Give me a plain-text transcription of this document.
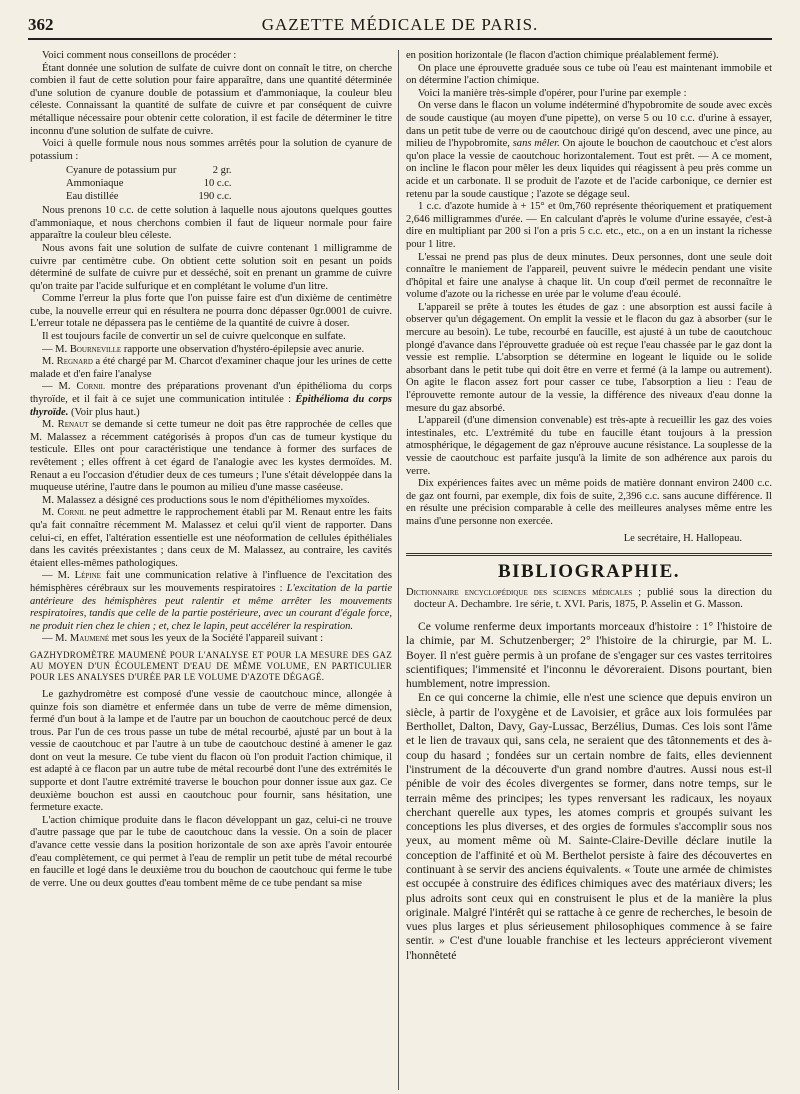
362	GAZETTE MÉDICALE DE PARIS.

Voici comment nous conseillons de procéder :

Étant donnée une solution de sulfate de cuivre dont on connaît le titre, on cherche combien il faut de cette solution pour faire apparaître, dans une quantité déterminée d'une solution de cyanure double de potassium et d'ammoniaque, la couleur bleu céleste. Connaissant la quantité de sulfate de cuivre et par conséquent de cuivre métallique nécessaire pour obtenir cette coloration, il est facile de déterminer le titre inconnu d'une solution de sulfate de cuivre.

Voici à quelle formule nous nous sommes arrêtés pour la solution de cyanure de potassium :

Cyanure de potassium pur	2 gr.
Ammoniaque	10 c.c.
Eau distillée	190 c.c.

Nous prenons 10 c.c. de cette solution à laquelle nous ajoutons quelques gouttes d'ammoniaque, et nous cherchons combien il faut de liqueur normale pour faire apparaître la couleur bleu céleste.

Nous avons fait une solution de sulfate de cuivre contenant 1 milligramme de cuivre par centimètre cube. On obtient cette solution soit en pesant un poids déterminé de sulfate de cuivre pur et desséché, soit en prenant un gramme de cuivre qu'on traite par l'acide sulfurique et en complétant le volume d'un litre.

Comme l'erreur la plus forte que l'on puisse faire est d'un dixième de centimètre cube, la nouvelle erreur qui en résultera ne pourra donc dépasser 0gr.0001 de cuivre. L'erreur totale ne dépassera pas le centième de la quantité de cuivre à doser.

Il est toujours facile de convertir un sel de cuivre quelconque en sulfate.

— M. Bourneville rapporte une observation d'hystéro-épilepsie avec anurie.

M. Regnard a été chargé par M. Charcot d'examiner chaque jour les urines de cette malade et d'en faire l'analyse

— M. Cornil montre des préparations provenant d'un épithélioma du corps thyroïde, et il fait à ce sujet une communication intitulée : Épithélioma du corps thyroïde. (Voir plus haut.)

M. Renaut se demande si cette tumeur ne doit pas être rapprochée de celles que M. Malassez a récemment catégorisés à propos d'un cas de tumeur kystique du testicule. Elles ont pour caractéristique une tendance à former des surfaces de revêtement ; elles offrent à cet égard de l'analogie avec les kystes dermoïdes. M. Renaut a eu l'occasion d'étudier deux de ces tumeurs ; l'une s'était développée dans la muqueuse utérine, l'autre dans le poumon au milieu d'une masse caséeuse.

M. Malassez a désigné ces productions sous le nom d'épithéliomes myxoïdes.

M. Cornil ne peut admettre le rapprochement établi par M. Renaut entre les faits qu'a fait connaître récemment M. Malassez et celui qu'il vient de rapporter. Dans celui-ci, en effet, l'altération essentielle est une néoformation de cellules épithéliales dans les cavités préexistantes ; dans ceux de M. Malassez, au contraire, les cavités étaient elles-mêmes pathologiques.

— M. Lépine fait une communication relative à l'influence de l'excitation des hémisphères cérébraux sur les mouvements respiratoires : L'excitation de la partie antérieure des hémisphères peut ralentir et même arrêter les mouvements respiratoires, tandis que celle de la partie postérieure, avec un courant d'égale force, ne produit rien chez le chien ; et, chez le lapin, peut accélérer la respiration.

— M. Maumené met sous les yeux de la Société l'appareil suivant :

GAZHYDROMÈTRE MAUMENÉ POUR L'ANALYSE ET POUR LA MESURE DES GAZ AU MOYEN D'UN ÉCOULEMENT D'EAU DE MÊME VOLUME, EN PARTICULIER POUR LES ANALYSES D'URÉE PAR LE VOLUME D'AZOTE DÉGAGÉ.

Le gazhydromètre est composé d'une vessie de caoutchouc mince, allongée à quinze fois son diamètre et enfermée dans un tube de verre de même dimension, fermé d'un bout à la lampe et de l'autre par un bouchon de caoutchouc percé de deux trous. Par l'un de ces trous passe un tube de métal recourbé, ajusté par un bout à la vessie de caoutchouc et par l'autre à un tube de caoutchouc destiné à amener le gaz dont on veut la mesure. Ce tube vient du flacon où l'on produit l'action chimique, il est adapté à ce flacon par un autre tube de métal recourbé dont l'une des extrémités le supporte et dont l'autre extrémité traverse le bouchon pour donner issue aux gaz. Ce deuxième bouchon est aussi en caoutchouc pour fournir, sans hésitation, une fermeture exacte.

L'action chimique produite dans le flacon développant un gaz, celui-ci ne trouve d'autre passage que par le tube de caoutchouc dans la vessie. On a soin de placer d'avance cette vessie dans la position horizontale de son axe après l'avoir entourée d'eau complètement, ce qui permet à l'eau de remplir un petit tube de métal recourbé en faucille et logé dans le deuxième trou du bouchon de caoutchouc qui ferme le tube de verre. Une ou deux gouttes d'eau tombent même de ce tube pendant sa mise

en position horizontale (le flacon d'action chimique préalablement fermé).

On place une éprouvette graduée sous ce tube où l'eau est maintenant immobile et on détermine l'action chimique.

Voici la manière très-simple d'opérer, pour l'urine par exemple :

On verse dans le flacon un volume indéterminé d'hypobromite de soude avec excès de soude caustique (au moyen d'une pipette), on verse 5 ou 10 c.c. d'urine à essayer, dans un petit tube de verre ou de caoutchouc dirigé qu'on descend, avec une pince, au milieu de l'hypobromite, sans mêler. On ajoute le bouchon de caoutchouc et c'est alors qu'on place la vessie de caoutchouc horizontalement. Tout est prêt. — A ce moment, on incline le flacon pour mêler les deux liquides qui réagissent à peu près comme un acide et un carbonate. Il se produit de l'azote et de l'acide carbonique, ce dernier est retenu par la soude caustique ; l'azote se dégage seul.

1 c.c. d'azote humide à + 15° et 0m,760 représente théoriquement et pratiquement 2,646 milligrammes d'urée. — En calculant d'après le volume d'urine essayée, c'est-à dire en multipliant par 200 si l'on a pris 5 c.c. etc., etc., on a en un instant la richesse pour 1 litre.

L'essai ne prend pas plus de deux minutes. Deux personnes, dont une seule doit connaître le maniement de l'appareil, peuvent suivre le médecin pendant une visite d'hôpital et faire une analyse à chaque lit. Un coup d'œil permet de reconnaître le volume d'azote ou la richesse en urée par le volume d'eau écoulé.

L'appareil se prête à toutes les études de gaz : une absorption est aussi facile à observer qu'un dégagement. On emplit la vessie et le flacon du gaz à absorber (sur le mercure au besoin). Le tube, recourbé en faucille, est ajusté à un tube de caoutchouc plongé d'avance dans l'éprouvette graduée où est reçue l'eau chassée par le gaz dont la vessie est remplie. L'absorption se détermine en logeant le liquide ou le solide absorbant dans le petit tube qui doit être en verre et fermé (à la lampe ou autrement). On agite le flacon assez fort pour casser ce tube, l'absorption a lieu : l'eau de l'éprouvette remonte autour de la vessie, la différence des niveaux d'eau donne la mesure du gaz absorbé.

L'appareil (d'une dimension convenable) est très-apte à recueillir les gaz des voies intestinales, etc. L'extrémité du tube en faucille étant toujours à la pression atmosphérique, le dégagement de gaz n'éprouve aucune résistance. La souplesse de la vessie de caoutchouc est parfaite jusqu'à la limite de son adhérence aux parois du verre.

Dix expériences faites avec un même poids de matière donnant environ 2400 c.c. de gaz ont fourni, par exemple, dix fois de suite, 2,396 c.c. sans aucune différence. Il en résulte une précision comparable à celle des meilleures analyses même entre les mains d'une personne non exercée.

Le secrétaire, H. Hallopeau.

BIBLIOGRAPHIE.

Dictionnaire encyclopédique des sciences médicales ; publié sous la direction du docteur A. Dechambre. 1re série, t. XVI. Paris, 1875, P. Asselin et G. Masson.

Ce volume renferme deux importants morceaux d'histoire : 1° l'histoire de la chimie, par M. Schutzenberger; 2° l'histoire de la chirurgie, par M. L. Boyer. Il n'est guère permis à un profane de s'engager sur ces vastes territoires scientifiques; l'immensité et l'inconnu le dévoreraient. Disons pourtant, bien humblement, notre impression.

En ce qui concerne la chimie, elle n'est une science que depuis environ un siècle, à partir de l'oxygène et de Lavoisier, et grâce aux lois formulées par Berthollet, Dalton, Davy, Gay-Lussac, Berzélius, Dumas. Ces lois sont l'âme et le lien de travaux qui, sans cela, ne seraient que des tâtonnements et des à-coup du hasard ; fondées sur un certain nombre de faits, elles deviennent l'instrument de la découverte d'un grand nombre d'autres. Aussi nous est-il pénible de voir des écoles divergentes se former, dans notre temps, sur le terrain même des principes; les types renversant les radicaux, les noyaux cherchant querelle aux types, les atomes compris et groupés suivant les conceptions les plus diverses, et des orgies de formules s'accomplir sous nos yeux, au moment même où M. Sainte-Claire-Deville déclare inutile la conception de l'affinité et où M. Berthelot persiste à faire des découvertes en continuant à se servir des anciens équivalents. « Toute une armée de chimistes est occupée à construire des édifices chimiques avec des matériaux divers; les plus adroits sont ceux qui en construisent le plus et de la manière la plus originale. Malgré l'intérêt qui se rattache à ce genre de recherches, le besoin de vues plus larges et plus sérieusement philosophiques commence à se faire sentir. » C'est d'une louable franchise et les lecteurs apprécieront vivement l'honnêteté
